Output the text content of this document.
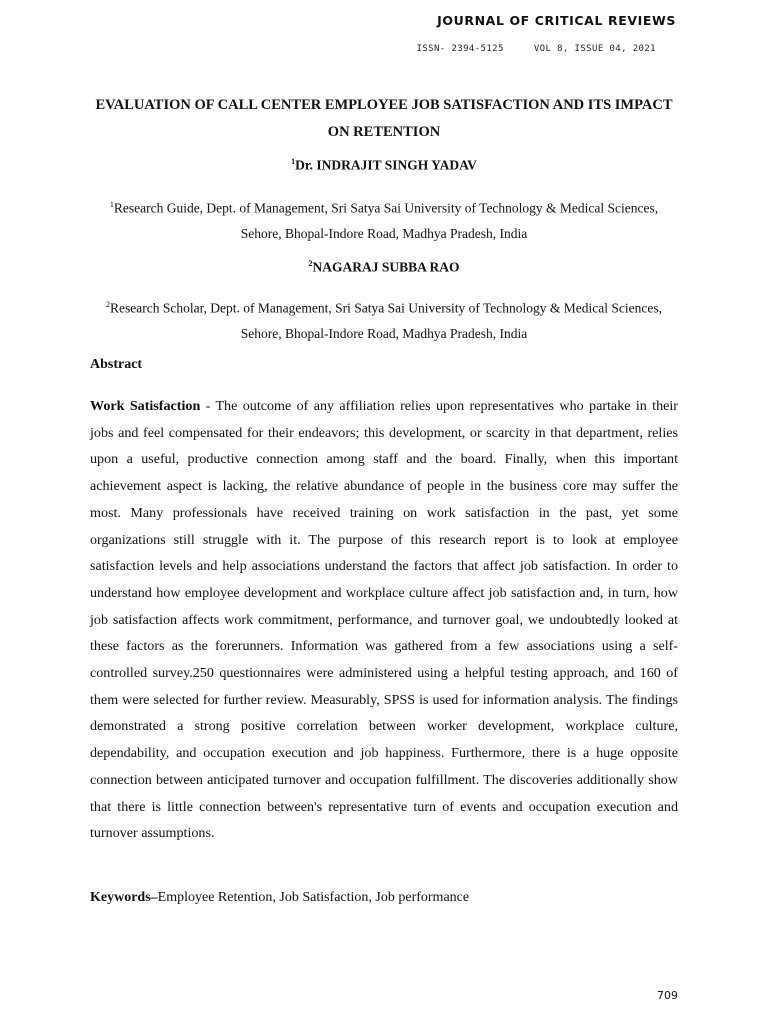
JOURNAL OF CRITICAL REVIEWS
ISSN- 2394-5125	VOL 8, ISSUE 04, 2021
EVALUATION OF CALL CENTER EMPLOYEE JOB SATISFACTION AND ITS IMPACT ON RETENTION

$^1$Dr. INDRAJIT SINGH YADAV

$^1$Research Guide, Dept. of Management, Sri Satya Sai University of Technology & Medical Sciences, Sehore, Bhopal-Indore Road, Madhya Pradesh, India

$^2$NAGARAJ SUBBA RAO

$^2$Research Scholar, Dept. of Management, Sri Satya Sai University of Technology & Medical Sciences, Sehore, Bhopal-Indore Road, Madhya Pradesh, India

Abstract

Work Satisfaction - The outcome of any affiliation relies upon representatives who partake in their jobs and feel compensated for their endeavors; this development, or scarcity in that department, relies upon a useful, productive connection among staff and the board. Finally, when this important achievement aspect is lacking, the relative abundance of people in the business core may suffer the most. Many professionals have received training on work satisfaction in the past, yet some organizations still struggle with it. The purpose of this research report is to look at employee satisfaction levels and help associations understand the factors that affect job satisfaction. In order to understand how employee development and workplace culture affect job satisfaction and, in turn, how job satisfaction affects work commitment, performance, and turnover goal, we undoubtedly looked at these factors as the forerunners. Information was gathered from a few associations using a self-controlled survey.250 questionnaires were administered using a helpful testing approach, and 160 of them were selected for further review. Measurably, SPSS is used for information analysis. The findings demonstrated a strong positive correlation between worker development, workplace culture, dependability, and occupation execution and job happiness. Furthermore, there is a huge opposite connection between anticipated turnover and occupation fulfillment. The discoveries additionally show that there is little connection between's representative turn of events and occupation execution and turnover assumptions.

Keywords–Employee Retention, Job Satisfaction, Job performance

709
